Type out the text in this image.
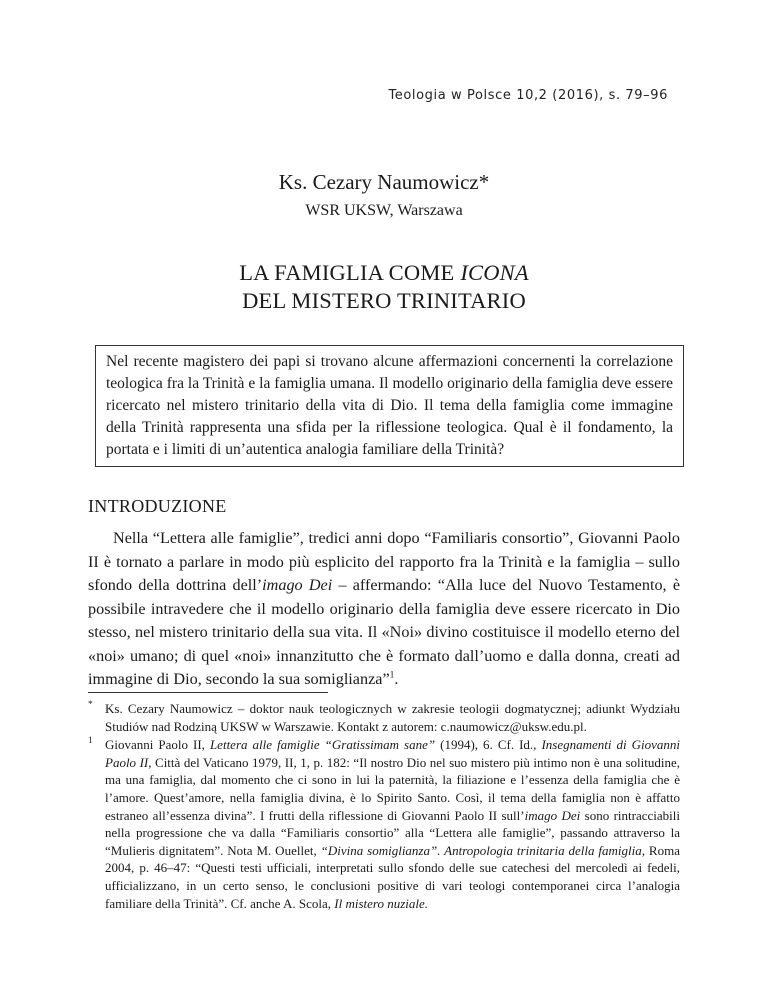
Teologia w Polsce 10,2 (2016), s. 79–96
Ks. Cezary Naumowicz*
WSR UKSW, Warszawa
LA FAMIGLIA COME ICONA
DEL MISTERO TRINITARIO
Nel recente magistero dei papi si trovano alcune affermazioni concernenti la correlazione teologica fra la Trinità e la famiglia umana. Il modello originario della famiglia deve essere ricercato nel mistero trinitario della vita di Dio. Il tema della famiglia come immagine della Trinità rappresenta una sfida per la riflessione teologica. Qual è il fondamento, la portata e i limiti di un’autentica analogia familiare della Trinità?
INTRODUZIONE

Nella “Lettera alle famiglie”, tredici anni dopo “Familiaris consortio”, Giovanni Paolo II è tornato a parlare in modo più esplicito del rapporto fra la Trinità e la famiglia – sullo sfondo della dottrina dell’imago Dei – affermando: “Alla luce del Nuovo Testamento, è possibile intravedere che il modello originario della famiglia deve essere ricercato in Dio stesso, nel mistero trinitario della sua vita. Il «Noi» divino costituisce il modello eterno del «noi» umano; di quel «noi» innanzitutto che è formato dall’uomo e dalla donna, creati ad immagine di Dio, secondo la sua somiglianza”$^1$.

* Ks. Cezary Naumowicz – doktor nauk teologicznych w zakresie teologii dogmatycznej; adiunkt Wydziału Studiów nad Rodziną UKSW w Warszawie. Kontakt z autorem: c.naumowicz@uksw.edu.pl.
1 Giovanni Paolo II, Lettera alle famiglie “Gratissimam sane” (1994), 6. Cf. Id., Insegnamenti di Giovanni Paolo II, Città del Vaticano 1979, II, 1, p. 182: “Il nostro Dio nel suo mistero più intimo non è una solitudine, ma una famiglia, dal momento che ci sono in lui la paternità, la filiazione e l’essenza della famiglia che è l’amore. Quest’amore, nella famiglia divina, è lo Spirito Santo. Così, il tema della famiglia non è affatto estraneo all’essenza divina”. I frutti della riflessione di Giovanni Paolo II sull’imago Dei sono rintracciabili nella progressione che va dalla “Familiaris consortio” alla “Lettera alle famiglie”, passando attraverso la “Mulieris dignitatem”. Nota M. Ouellet, “Divina somiglianza”. Antropologia trinitaria della famiglia, Roma 2004, p. 46–47: “Questi testi ufficiali, interpretati sullo sfondo delle sue catechesi del mercoledì ai fedeli, ufficializzano, in un certo senso, le conclusioni positive di vari teologi contemporanei circa l’analogia familiare della Trinità”. Cf. anche A. Scola, Il mistero nuziale.
